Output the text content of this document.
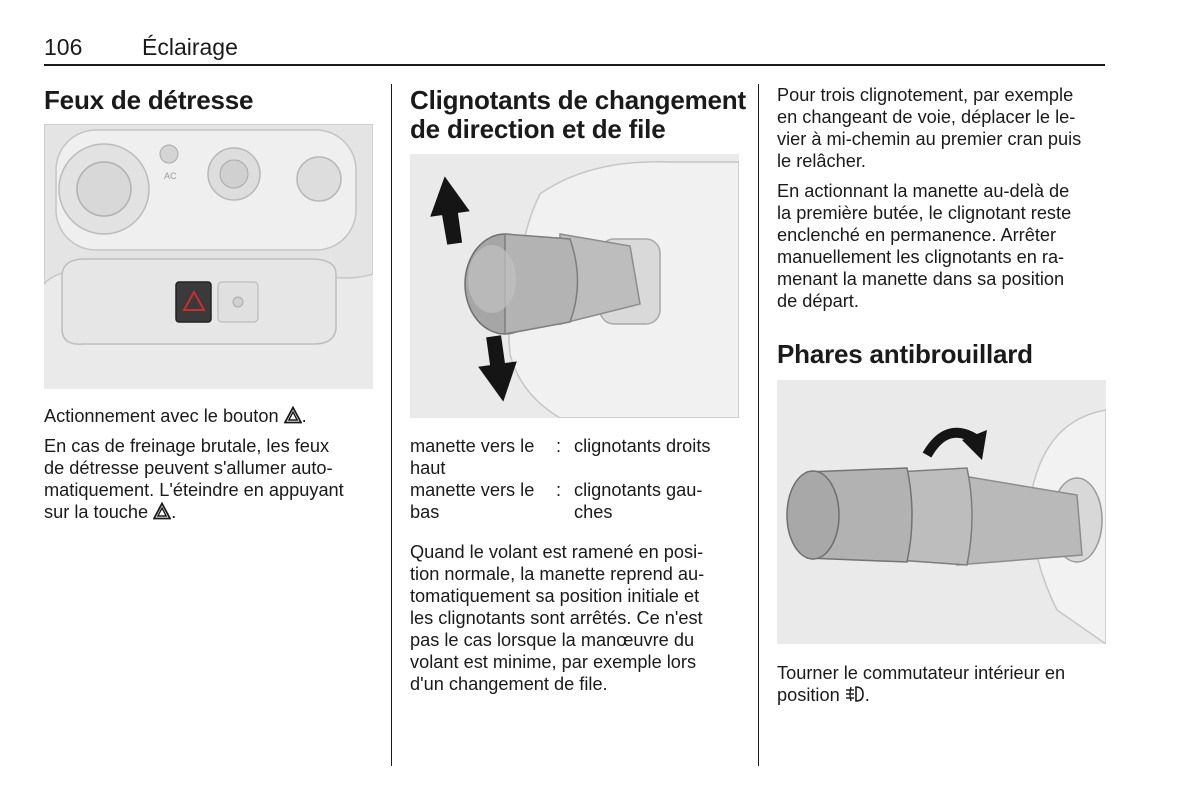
106	Éclairage
Feux de détresse
AC

Actionnement avec le bouton .

En cas de freinage brutale, les feux
de détresse peuvent s'allumer auto-
matiquement. L'éteindre en appuyant
sur la touche .

Clignotants de changement
de direction et de file
manette vers le
haut
: clignotants droits
manette vers le
bas
: clignotants gau-
ches

Quand le volant est ramené en posi-
tion normale, la manette reprend au-
tomatiquement sa position initiale et
les clignotants sont arrêtés. Ce n'est
pas le cas lorsque la manœuvre du
volant est minime, par exemple lors
d'un changement de file.

Pour trois clignotement, par exemple
en changeant de voie, déplacer le le-
vier à mi-chemin au premier cran puis
le relâcher.

En actionnant la manette au-delà de
la première butée, le clignotant reste
enclenché en permanence. Arrêter
manuellement les clignotants en ra-
menant la manette dans sa position
de départ.

Phares antibrouillard

Tourner le commutateur intérieur en
position .
